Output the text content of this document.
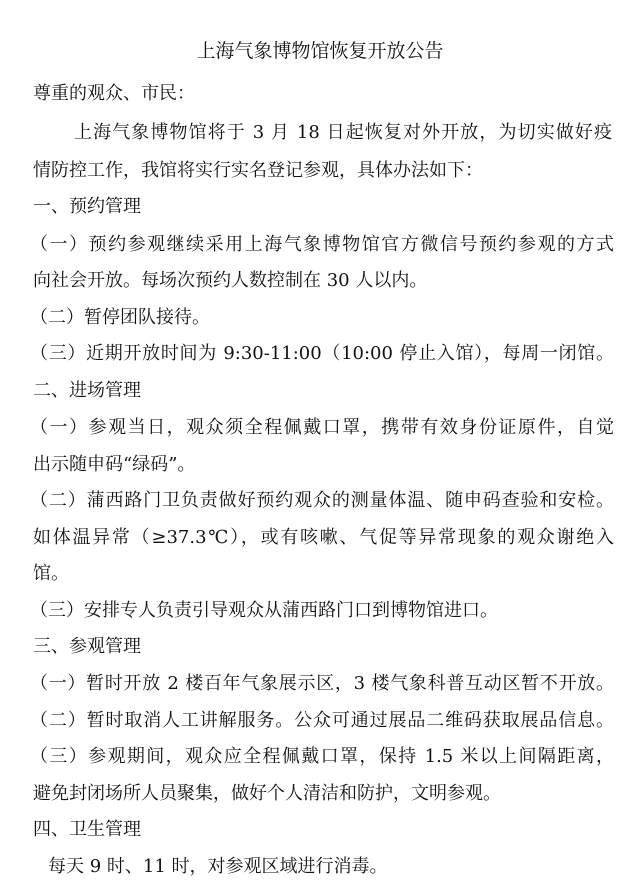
上海气象博物馆恢复开放公告
尊重的观众、市民：
上海气象博物馆将于 3 月 18 日起恢复对外开放，为切实做好疫
情防控工作，我馆将实行实名登记参观，具体办法如下：
一、预约管理
（一）预约参观继续采用上海气象博物馆官方微信号预约参观的方式
向社会开放。每场次预约人数控制在 30 人以内。
（二）暂停团队接待。
（三）近期开放时间为 9:30-11:00（10:00 停止入馆），每周一闭馆。
二、进场管理
（一）参观当日，观众须全程佩戴口罩，携带有效身份证原件，自觉
出示随申码“绿码”。
（二）蒲西路门卫负责做好预约观众的测量体温、随申码查验和安检。
如体温异常（≥37.3℃），或有咳嗽、气促等异常现象的观众谢绝入
馆。
（三）安排专人负责引导观众从蒲西路门口到博物馆进口。
三、参观管理
（一）暂时开放 2 楼百年气象展示区，3 楼气象科普互动区暂不开放。
（二）暂时取消人工讲解服务。公众可通过展品二维码获取展品信息。
（三）参观期间，观众应全程佩戴口罩，保持 1.5 米以上间隔距离，
避免封闭场所人员聚集，做好个人清洁和防护，文明参观。
四、卫生管理
每天 9 时、11 时，对参观区域进行消毒。
